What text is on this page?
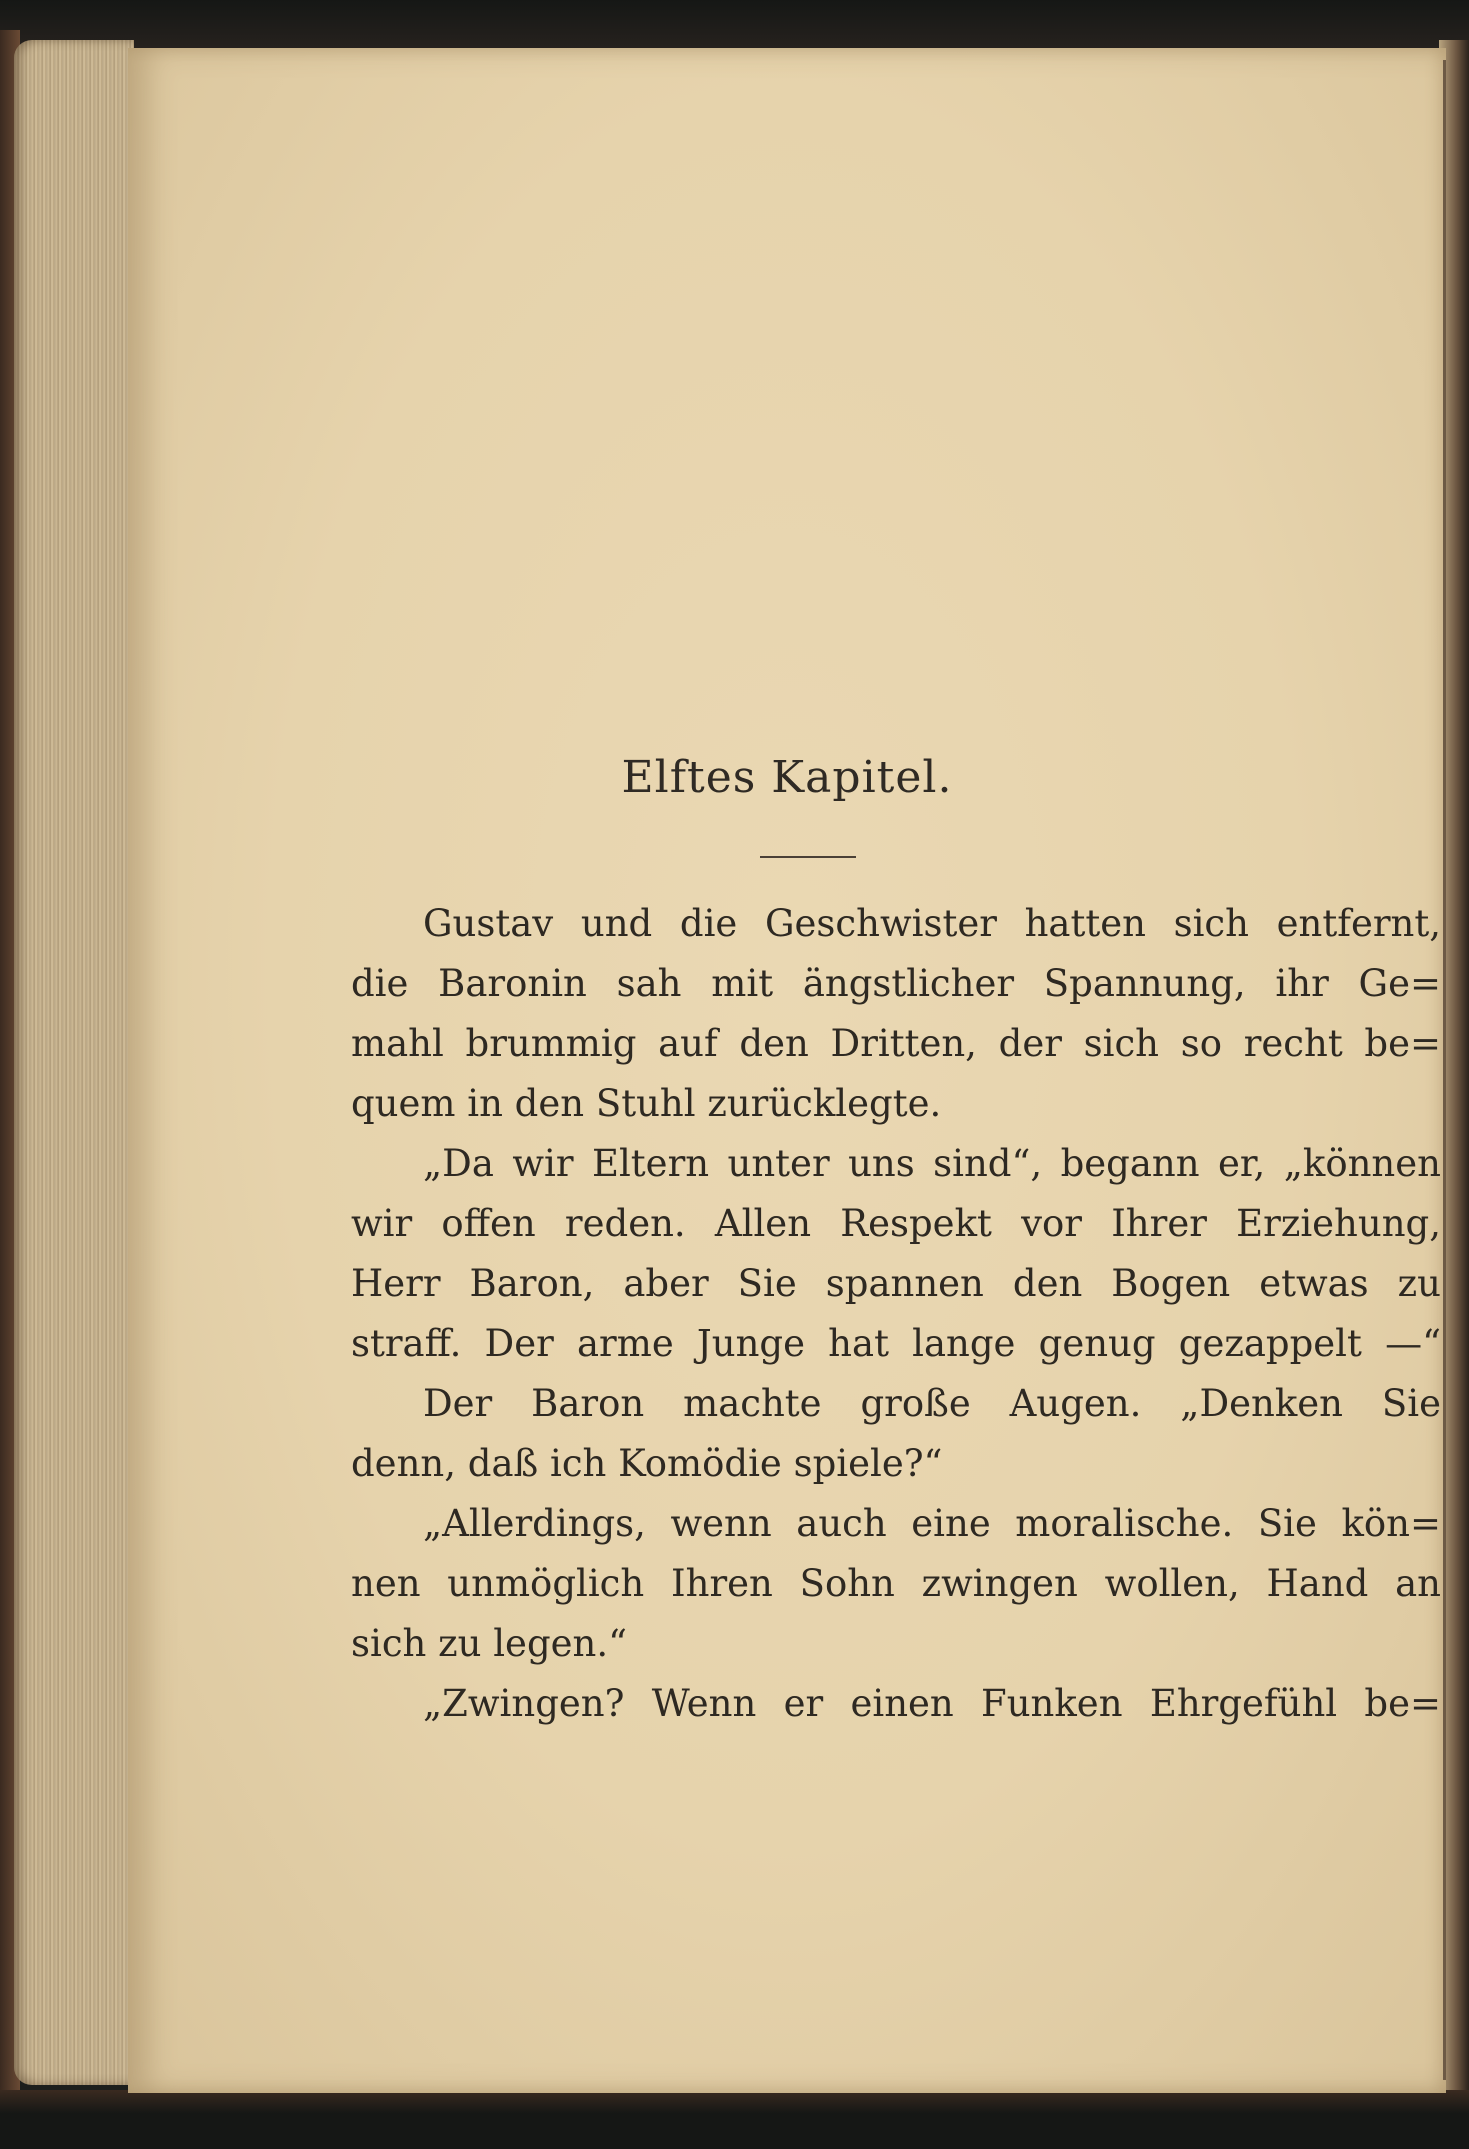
Elftes Kapitel.
Gustav und die Geschwister hatten sich entfernt,
die Baronin sah mit ängstlicher Spannung, ihr Ge=
mahl brummig auf den Dritten, der sich so recht be=
quem in den Stuhl zurücklegte.
„Da wir Eltern unter uns sind“, begann er, „können
wir offen reden. Allen Respekt vor Ihrer Erziehung,
Herr Baron, aber Sie spannen den Bogen etwas zu
straff. Der arme Junge hat lange genug gezappelt —“
Der Baron machte große Augen. „Denken Sie
denn, daß ich Komödie spiele?“
„Allerdings, wenn auch eine moralische. Sie kön=
nen unmöglich Ihren Sohn zwingen wollen, Hand an
sich zu legen.“
„Zwingen? Wenn er einen Funken Ehrgefühl be=
